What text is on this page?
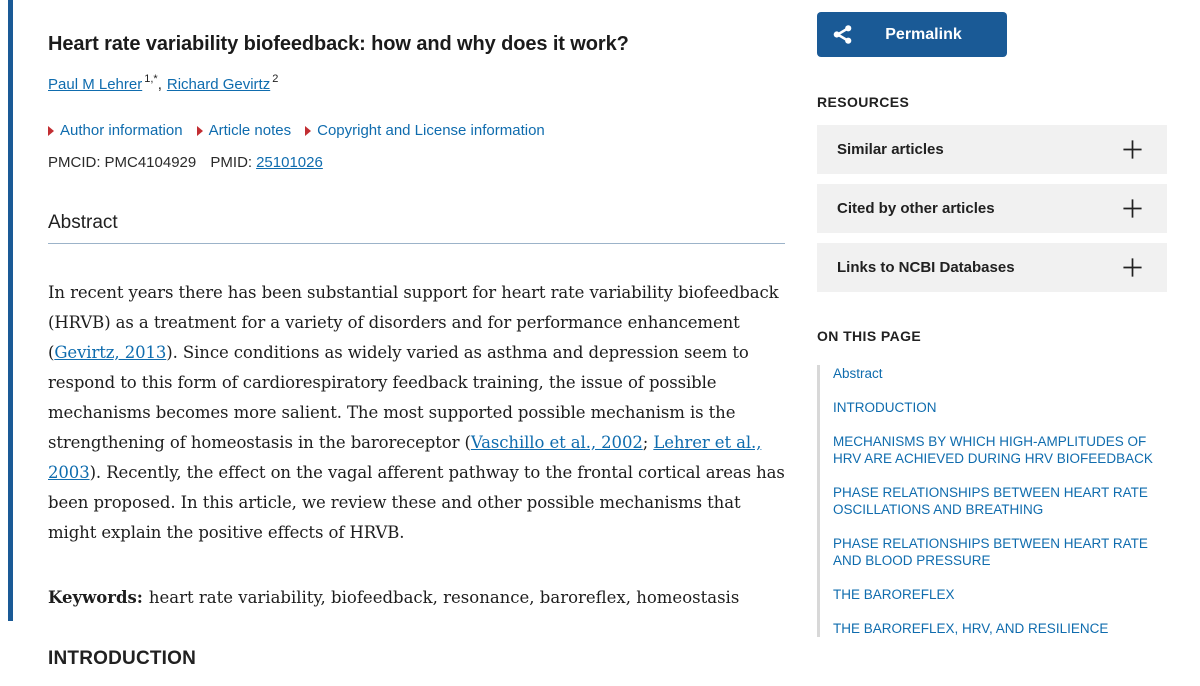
Heart rate variability biofeedback: how and why does it work?
Paul M Lehrer $^{1,*}$, Richard Gevirtz $^2$
Author information Article notes Copyright and License information
PMCID: PMC4104929 PMID: 25101026
Abstract

In recent years there has been substantial support for heart rate variability biofeedback (HRVB) as a treatment for a variety of disorders and for performance enhancement (Gevirtz, 2013). Since conditions as widely varied as asthma and depression seem to respond to this form of cardiorespiratory feedback training, the issue of possible mechanisms becomes more salient. The most supported possible mechanism is the strengthening of homeostasis in the baroreceptor (Vaschillo et al., 2002; Lehrer et al., 2003). Recently, the effect on the vagal afferent pathway to the frontal cortical areas has been proposed. In this article, we review these and other possible mechanisms that might explain the positive effects of HRVB.

Keywords: heart rate variability, biofeedback, resonance, baroreflex, homeostasis

INTRODUCTION
Permalink
RESOURCES
Similar articles
Cited by other articles
Links to NCBI Databases
ON THIS PAGE
Abstract
INTRODUCTION
MECHANISMS BY WHICH HIGH-AMPLITUDES OF HRV ARE ACHIEVED DURING HRV BIOFEEDBACK
PHASE RELATIONSHIPS BETWEEN HEART RATE OSCILLATIONS AND BREATHING
PHASE RELATIONSHIPS BETWEEN HEART RATE AND BLOOD PRESSURE
THE BAROREFLEX
THE BAROREFLEX, HRV, AND RESILIENCE
